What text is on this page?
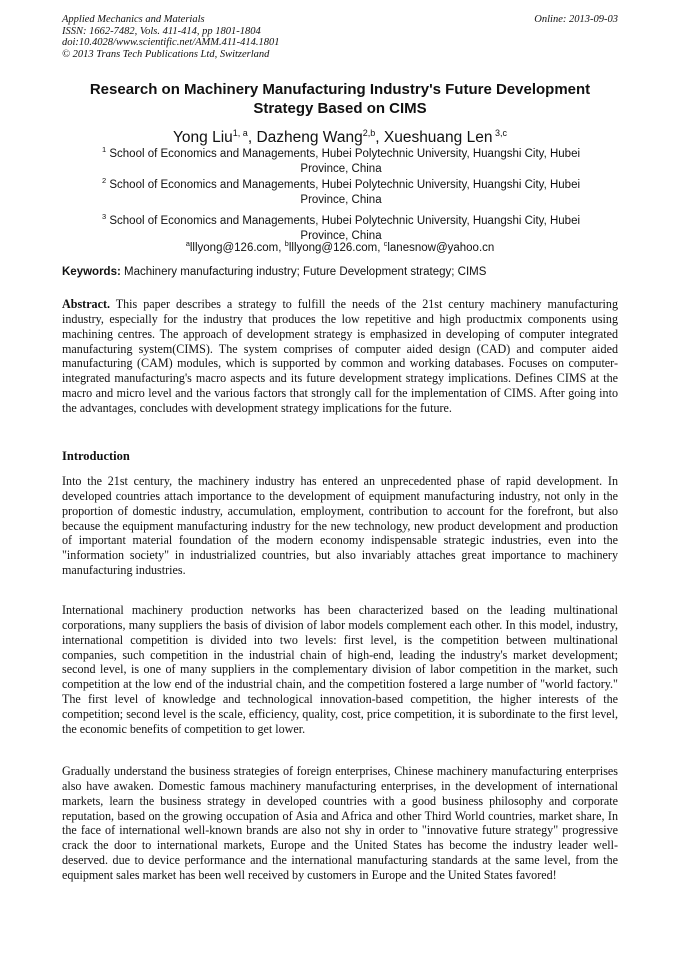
Applied Mechanics and Materials
ISSN: 1662-7482, Vols. 411-414, pp 1801-1804
doi:10.4028/www.scientific.net/AMM.411-414.1801
© 2013 Trans Tech Publications Ltd, Switzerland
Online: 2013-09-03
Research on Machinery Manufacturing Industry's Future Development Strategy Based on CIMS
Yong Liu$^{1, a}$, Dazheng Wang$^{2,b}$, Xueshuang Len $^{3,c}$
$^1$ School of Economics and Managements, Hubei Polytechnic University, Huangshi City, Hubei Province, China
$^2$ School of Economics and Managements, Hubei Polytechnic University, Huangshi City, Hubei Province, China
$^3$ School of Economics and Managements, Hubei Polytechnic University, Huangshi City, Hubei Province, China
$^a$lllyong@126.com, $^b$lllyong@126.com, $^c$lanesnow@yahoo.cn
Keywords: Machinery manufacturing industry; Future Development strategy; CIMS

Abstract. This paper describes a strategy to fulfill the needs of the 21st century machinery manufacturing industry, especially for the industry that produces the low repetitive and high productmix components using machining centres. The approach of development strategy is emphasized in developing of computer integrated manufacturing system(CIMS). The system comprises of computer aided design (CAD) and computer aided manufacturing (CAM) modules, which is supported by common and working databases. Focuses on computer-integrated manufacturing's macro aspects and its future development strategy implications. Defines CIMS at the macro and micro level and the various factors that strongly call for the implementation of CIMS. After going into the advantages, concludes with development strategy implications for the future.

Introduction

Into the 21st century, the machinery industry has entered an unprecedented phase of rapid development. In developed countries attach importance to the development of equipment manufacturing industry, not only in the proportion of domestic industry, accumulation, employment, contribution to account for the forefront, but also because the equipment manufacturing industry for the new technology, new product development and production of important material foundation of the modern economy indispensable strategic industries, even into the "information society" in industrialized countries, but also invariably attaches great importance to machinery manufacturing industries.

International machinery production networks has been characterized based on the leading multinational corporations, many suppliers the basis of division of labor models complement each other. In this model, industry, international competition is divided into two levels: first level, is the competition between multinational companies, such competition in the industrial chain of high-end, leading the industry's market development; second level, is one of many suppliers in the complementary division of labor competition in the market, such competition at the low end of the industrial chain, and the competition fostered a large number of "world factory." The first level of knowledge and technological innovation-based competition, the higher interests of the competition; second level is the scale, efficiency, quality, cost, price competition, it is subordinate to the first level, the economic benefits of competition to get lower.

Gradually understand the business strategies of foreign enterprises, Chinese machinery manufacturing enterprises also have awaken. Domestic famous machinery manufacturing enterprises, in the development of international markets, learn the business strategy in developed countries with a good business philosophy and corporate reputation, based on the growing occupation of Asia and Africa and other Third World countries, market share, In the face of international well-known brands are also not shy in order to "innovative future strategy" progressive crack the door to international markets, Europe and the United States has become the industry leader well-deserved. due to device performance and the international manufacturing standards at the same level, from the equipment sales market has been well received by customers in Europe and the United States favored!
